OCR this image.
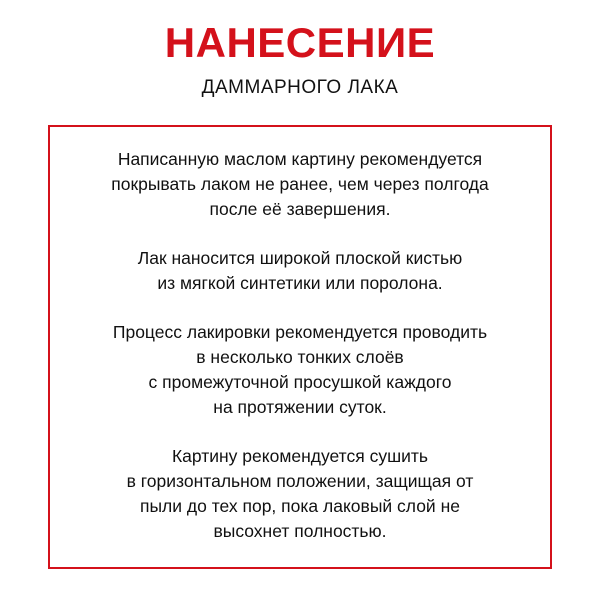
НАНЕСЕНИЕ
ДАММАРНОГО ЛАКА

Написанную маслом картину рекомендуется
покрывать лаком не ранее, чем через полгода
после её завершения.

Лак наносится широкой плоской кистью
из мягкой синтетики или поролона.

Процесс лакировки рекомендуется проводить
в несколько тонких слоёв
с промежуточной просушкой каждого
на протяжении суток.

Картину рекомендуется сушить
в горизонтальном положении, защищая от
пыли до тех пор, пока лаковый слой не
высохнет полностью.
